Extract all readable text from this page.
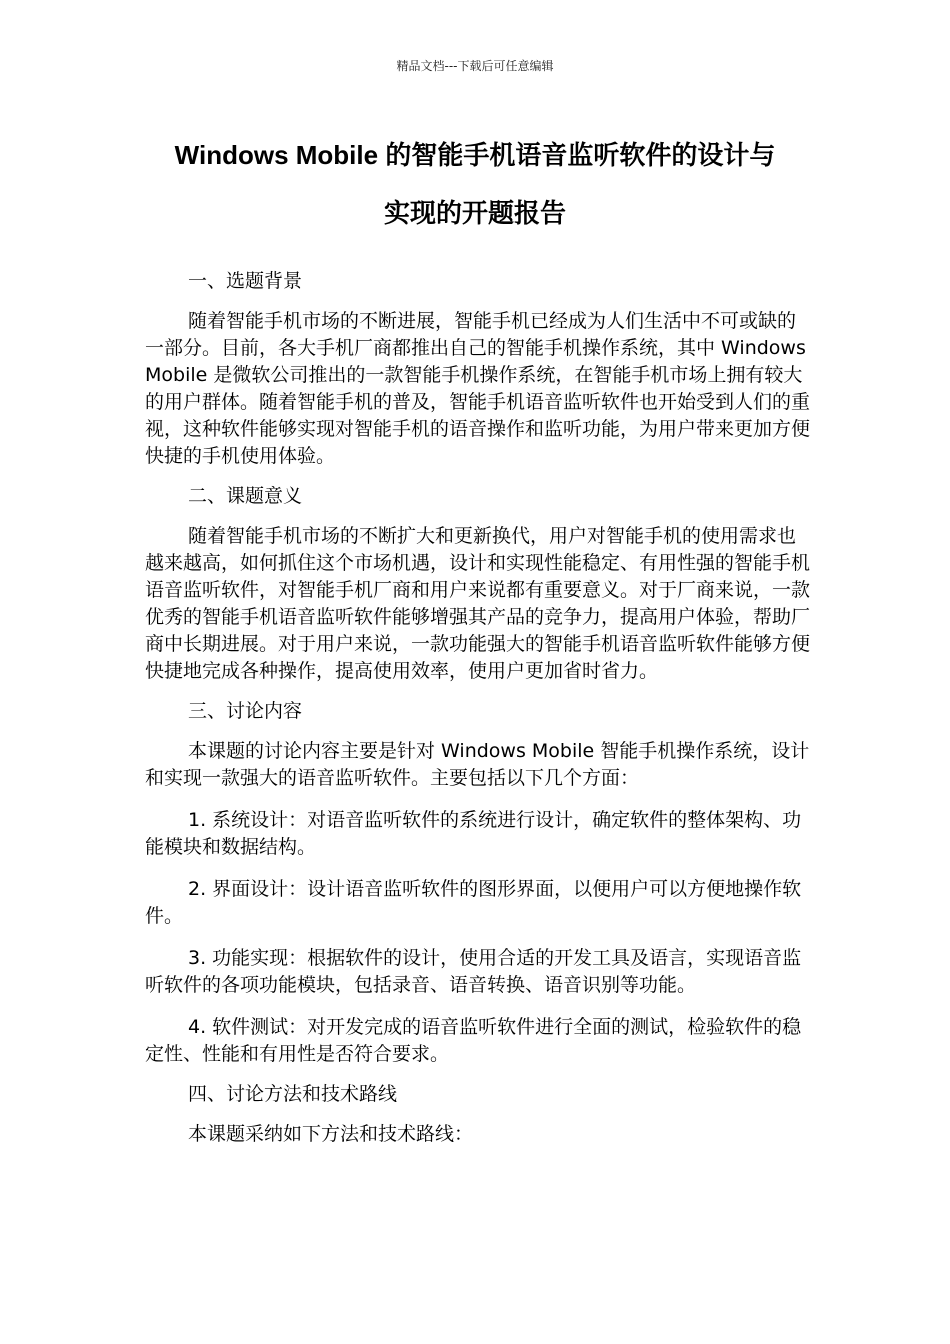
精品文档---下载后可任意编辑
Windows Mobile 的智能手机语音监听软件的设计与
实现的开题报告

一、选题背景

随着智能手机市场的不断进展，智能手机已经成为人们生活中不可或缺的一部分。目前，各大手机厂商都推出自己的智能手机操作系统，其中 Windows Mobile 是微软公司推出的一款智能手机操作系统，在智能手机市场上拥有较大的用户群体。随着智能手机的普及，智能手机语音监听软件也开始受到人们的重视，这种软件能够实现对智能手机的语音操作和监听功能，为用户带来更加方便快捷的手机使用体验。

二、课题意义

随着智能手机市场的不断扩大和更新换代，用户对智能手机的使用需求也越来越高，如何抓住这个市场机遇，设计和实现性能稳定、有用性强的智能手机语音监听软件，对智能手机厂商和用户来说都有重要意义。对于厂商来说，一款优秀的智能手机语音监听软件能够增强其产品的竞争力，提高用户体验，帮助厂商中长期进展。对于用户来说，一款功能强大的智能手机语音监听软件能够方便快捷地完成各种操作，提高使用效率，使用户更加省时省力。

三、讨论内容

本课题的讨论内容主要是针对 Windows Mobile 智能手机操作系统，设计和实现一款强大的语音监听软件。主要包括以下几个方面：

1. 系统设计：对语音监听软件的系统进行设计，确定软件的整体架构、功能模块和数据结构。

2. 界面设计：设计语音监听软件的图形界面，以便用户可以方便地操作软件。

3. 功能实现：根据软件的设计，使用合适的开发工具及语言，实现语音监听软件的各项功能模块，包括录音、语音转换、语音识别等功能。

4. 软件测试：对开发完成的语音监听软件进行全面的测试，检验软件的稳定性、性能和有用性是否符合要求。

四、讨论方法和技术路线

本课题采纳如下方法和技术路线：
